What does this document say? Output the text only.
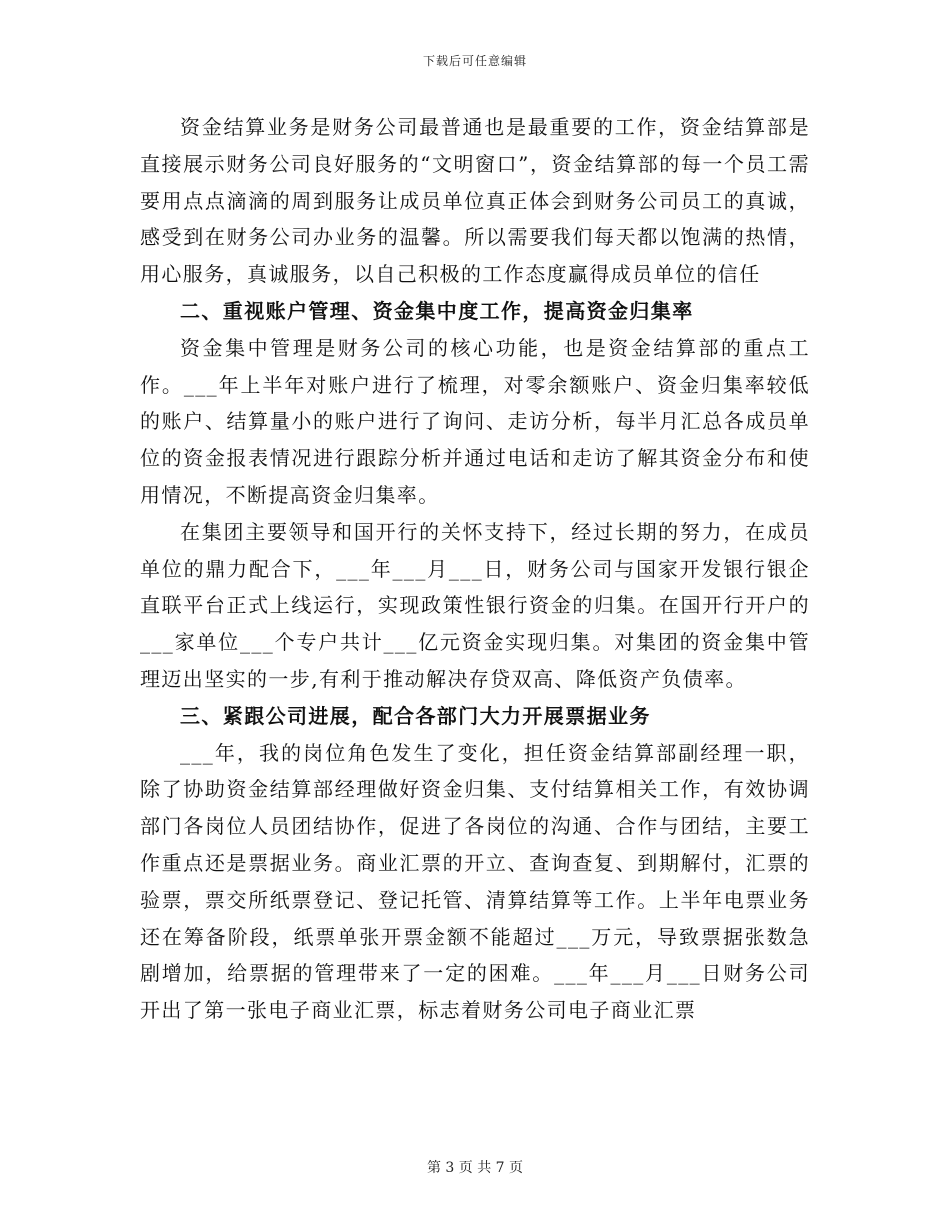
下载后可任意编辑

资金结算业务是财务公司最普通也是最重要的工作，资金结算部是直接展示财务公司良好服务的“文明窗口”，资金结算部的每一个员工需要用点点滴滴的周到服务让成员单位真正体会到财务公司员工的真诚，感受到在财务公司办业务的温馨。所以需要我们每天都以饱满的热情，用心服务，真诚服务，以自己积极的工作态度赢得成员单位的信任

二、重视账户管理、资金集中度工作，提高资金归集率

资金集中管理是财务公司的核心功能，也是资金结算部的重点工作。___年上半年对账户进行了梳理，对零余额账户、资金归集率较低的账户、结算量小的账户进行了询问、走访分析，每半月汇总各成员单位的资金报表情况进行跟踪分析并通过电话和走访了解其资金分布和使用情况，不断提高资金归集率。

在集团主要领导和国开行的关怀支持下，经过长期的努力，在成员单位的鼎力配合下，___年___月___日，财务公司与国家开发银行银企直联平台正式上线运行，实现政策性银行资金的归集。在国开行开户的___家单位___个专户共计___亿元资金实现归集。对集团的资金集中管理迈出坚实的一步,有利于推动解决存贷双高、降低资产负债率。

三、紧跟公司进展，配合各部门大力开展票据业务

___年，我的岗位角色发生了变化，担任资金结算部副经理一职，除了协助资金结算部经理做好资金归集、支付结算相关工作，有效协调部门各岗位人员团结协作，促进了各岗位的沟通、合作与团结，主要工作重点还是票据业务。商业汇票的开立、查询查复、到期解付，汇票的验票，票交所纸票登记、登记托管、清算结算等工作。上半年电票业务还在筹备阶段，纸票单张开票金额不能超过___万元，导致票据张数急剧增加，给票据的管理带来了一定的困难。___年___月___日财务公司开出了第一张电子商业汇票，标志着财务公司电子商业汇票

第 3 页 共 7 页
